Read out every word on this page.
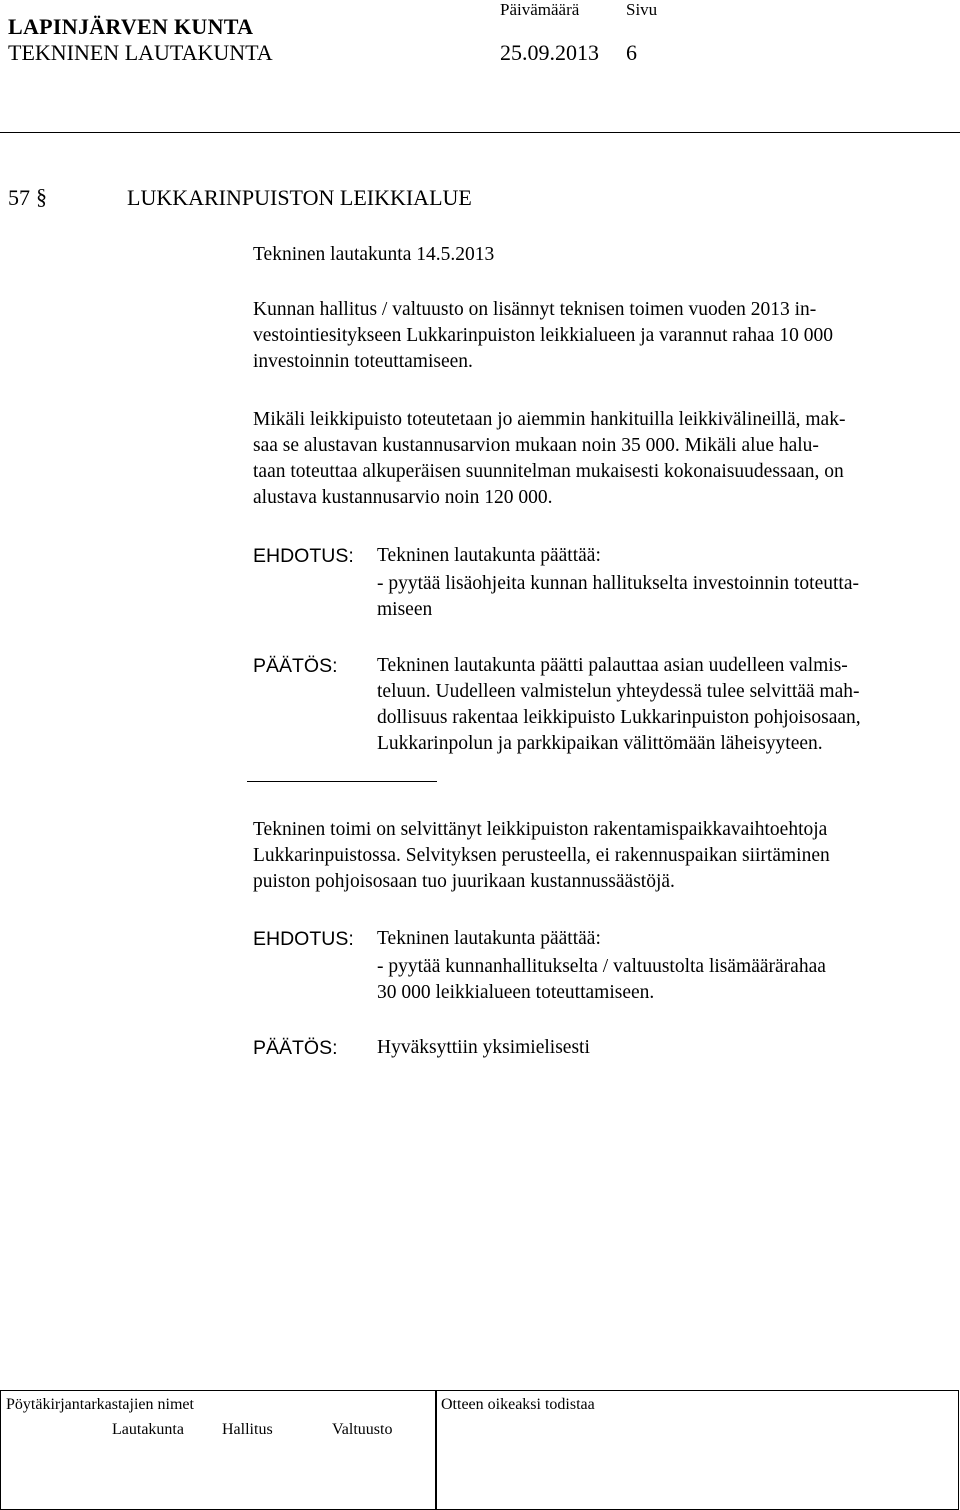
LAPINJÄRVEN KUNTA
TEKNINEN LAUTAKUNTA
Päivämäärä	Sivu
25.09.2013 6
57 §	LUKKARINPUISTON LEIKKIALUE
Tekninen lautakunta 14.5.2013
Kunnan hallitus / valtuusto on lisännyt teknisen toimen vuoden 2013 in-
vestointiesitykseen Lukkarinpuiston leikkialueen ja varannut rahaa 10 000
investoinnin toteuttamiseen.
Mikäli leikkipuisto toteutetaan jo aiemmin hankituilla leikkivälineillä, mak-
saa se alustavan kustannusarvion mukaan noin 35 000. Mikäli alue halu-
taan toteuttaa alkuperäisen suunnitelman mukaisesti kokonaisuudessaan, on
alustava kustannusarvio noin 120 000.
EHDOTUS: Tekninen lautakunta päättää:
- pyytää lisäohjeita kunnan hallitukselta investoinnin toteutta-
miseen
PÄÄTÖS: Tekninen lautakunta päätti palauttaa asian uudelleen valmis-
teluun. Uudelleen valmistelun yhteydessä tulee selvittää mah-
dollisuus rakentaa leikkipuisto Lukkarinpuiston pohjoisosaan,
Lukkarinpolun ja parkkipaikan välittömään läheisyyteen.
Tekninen toimi on selvittänyt leikkipuiston rakentamispaikkavaihtoehtoja
Lukkarinpuistossa. Selvityksen perusteella, ei rakennuspaikan siirtäminen
puiston pohjoisosaan tuo juurikaan kustannussäästöjä.
EHDOTUS: Tekninen lautakunta päättää:
- pyytää kunnanhallitukselta / valtuustolta lisämäärärahaa
30 000 leikkialueen toteuttamiseen.
PÄÄTÖS: Hyväksyttiin yksimielisesti
Pöytäkirjantarkastajien nimet	Otteen oikeaksi todistaa
Lautakunta Hallitus	Valtuusto
